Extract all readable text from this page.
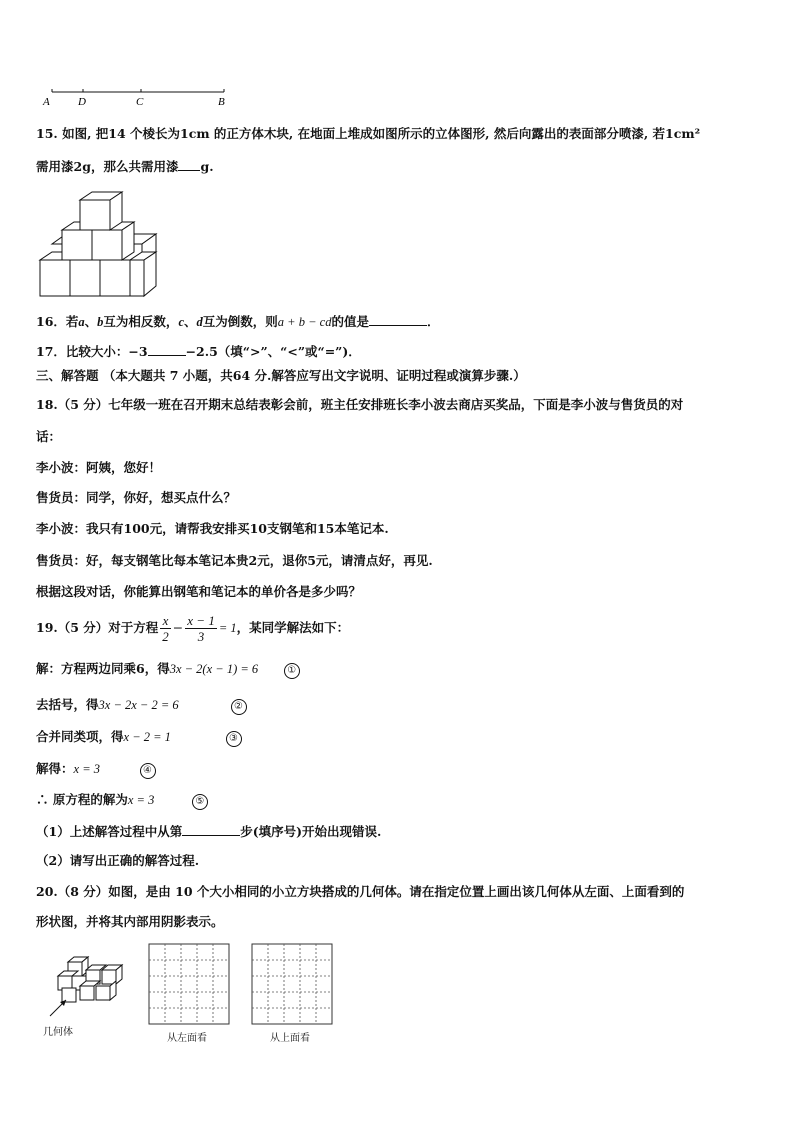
A	D	C	B
15. 如图, 把14 个棱长为1cm 的正方体木块, 在地面上堆成如图所示的立体图形, 然后向露出的表面部分喷漆, 若1cm²
需用漆2g，那么共需用漆 g.
16．若a、b互为相反数，c、d互为倒数，则a + b − cd的值是	．
17．比较大小：−3	−2.5（填“>”、“<”或“=”)．
三、解答题 （本大题共 7 小题，共64 分.解答应写出文字说明、证明过程或演算步骤.）
18.（5 分）七年级一班在召开期末总结表彰会前，班主任安排班长李小波去商店买奖品，下面是李小波与售货员的对
话：
李小波：阿姨，您好！
售货员：同学，你好，想买点什么？
李小波：我只有100元，请帮我安排买10支钢笔和15本笔记本.
售货员：好，每支钢笔比每本笔记本贵2元，退你5元，请清点好，再见.
根据这段对话，你能算出钢笔和笔记本的单价各是多少吗？
19.（5 分）对于方程 $\frac{x}{2} - \frac{x - 1}{3} = 1$，某同学解法如下：
解：方程两边同乘6，得3x − 2(x − 1) = 6	①
去括号，得3x − 2x − 2 = 6	②
合并同类项，得x − 2 = 1	③
解得：x = 3	④
∴ 原方程的解为x = 3	⑤
（1）上述解答过程中从第	步(填序号)开始出现错误.
（2）请写出正确的解答过程.
20.（8 分）如图，是由 10 个大小相同的小立方块搭成的几何体。请在指定位置上画出该几何体从左面、上面看到的
形状图，并将其内部用阴影表示。
几何体
从左面看	从上面看
